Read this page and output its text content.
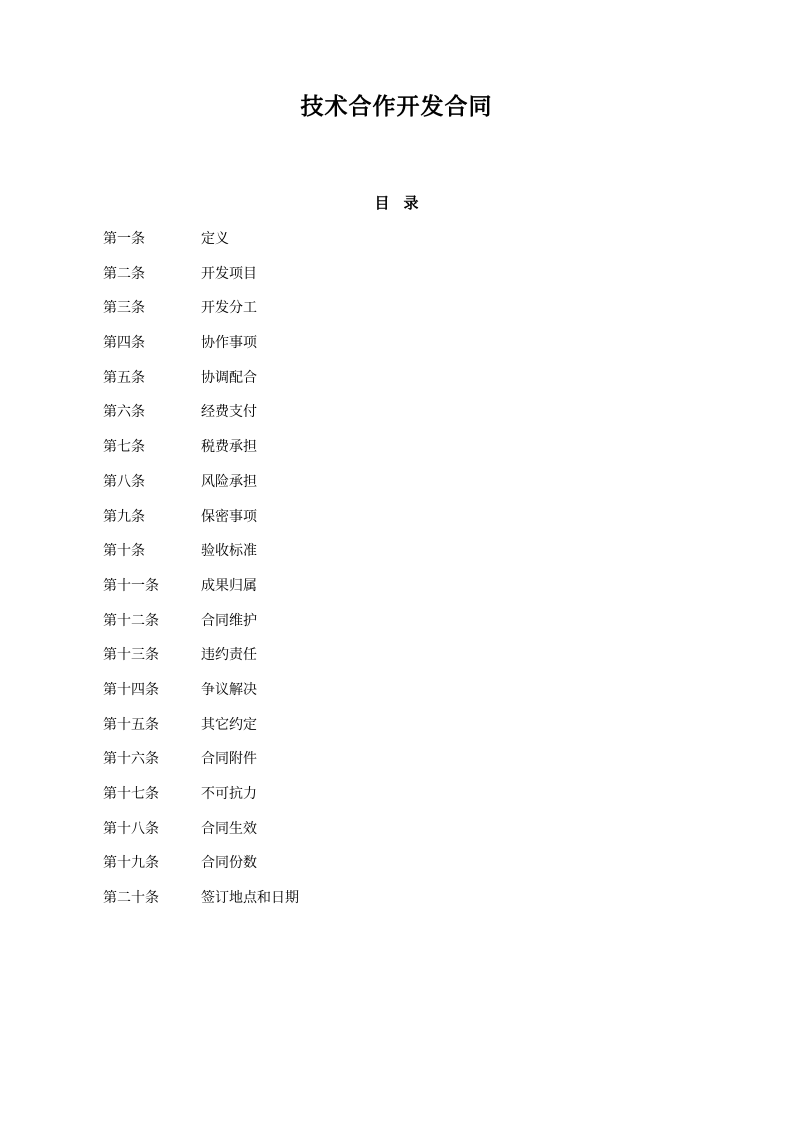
技术合作开发合同
目 录
第一条	定义
第二条	开发项目
第三条	开发分工
第四条	协作事项
第五条	协调配合
第六条	经费支付
第七条	税费承担
第八条	风险承担
第九条	保密事项
第十条	验收标准
第十一条	成果归属
第十二条	合同维护
第十三条	违约责任
第十四条	争议解决
第十五条	其它约定
第十六条	合同附件
第十七条	不可抗力
第十八条	合同生效
第十九条	合同份数
第二十条	签订地点和日期
